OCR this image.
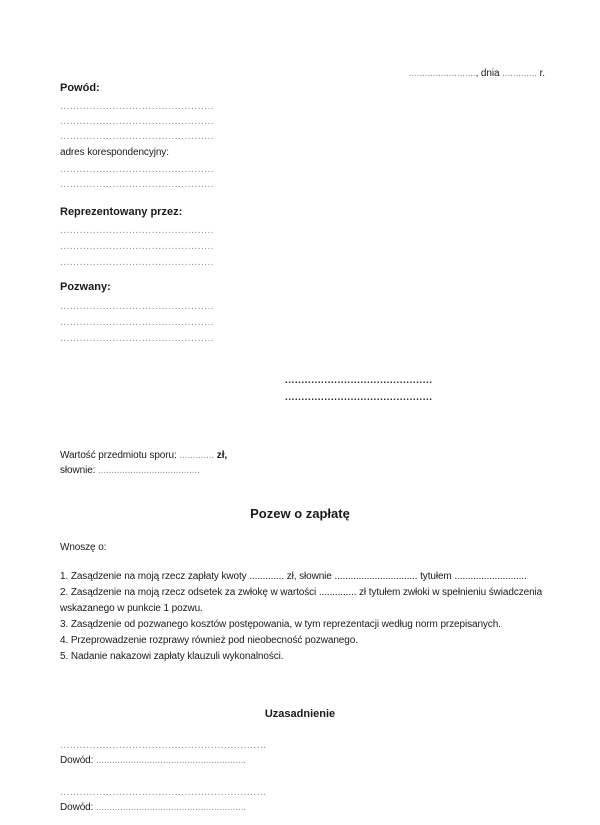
........................., dnia ............. r.
Powód:
...............................................
...............................................
...............................................
adres korespondencyjny:
...............................................
...............................................
Reprezentowany przez:
...............................................
...............................................
...............................................
Pozwany:
...............................................
...............................................
...............................................
.............................................
.............................................
Wartość przedmiotu sporu: ............. zł,
słownie: ......................................
Pozew o zapłatę
Wnoszę o:
1. Zasądzenie na moją rzecz zapłaty kwoty ............. zł, słownie ............................... tytułem ...........................
2. Zasądzenie na moją rzecz odsetek za zwłokę w wartości .............. zł tytułem zwłoki w spełnieniu świadczenia
wskazanego w punkcie 1 pozwu.
3. Zasądzenie od pozwanego kosztów postępowania, w tym reprezentacji według norm przepisanych.
4. Przeprowadzenie rozprawy również pod nieobecność pozwanego.
5. Nadanie nakazowi zapłaty klauzuli wykonalności.
Uzasadnienie
...............................................................
Dowód: ........................................................
...............................................................
Dowód: ........................................................
